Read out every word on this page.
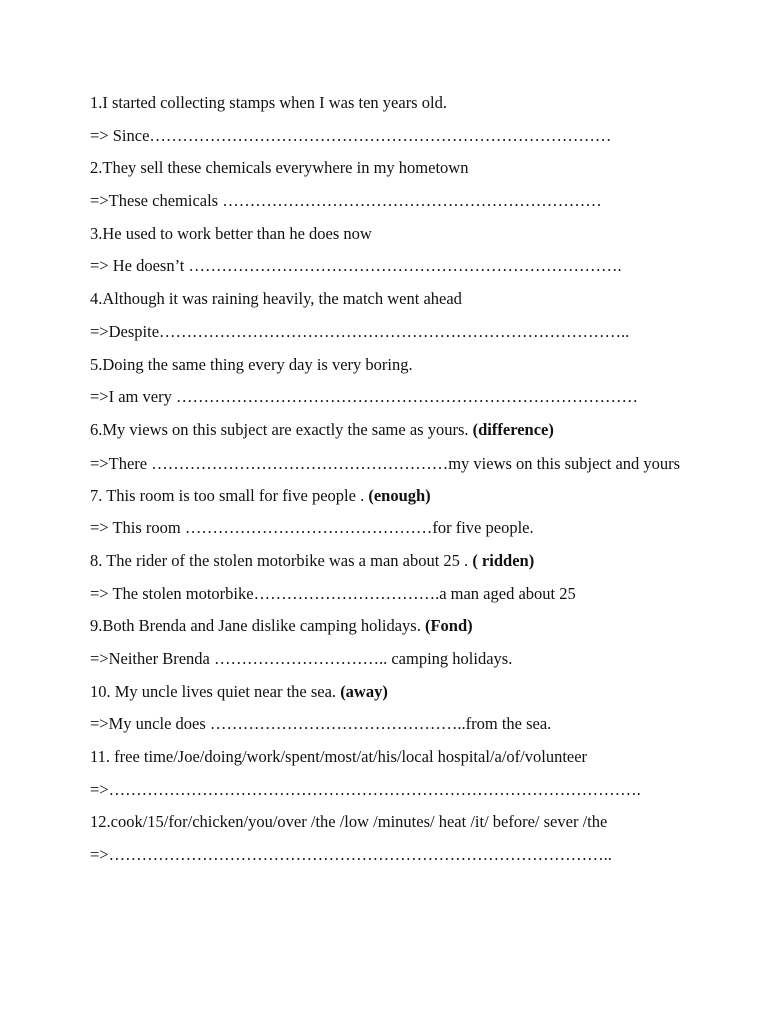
1.I started collecting stamps when I was ten years old.
=> Since…………………………………………………………………………
2.They sell these chemicals everywhere in my hometown
=>These chemicals ……………………………………………………………
3.He used to work better than he does now
=> He doesn’t …………………………………………………………………….
4.Although it was raining heavily, the match went ahead
=>Despite…………………………………………………………………………..
5.Doing the same thing every day is very boring.
=>I am very …………………………………………………………………………
6.My views on this subject are exactly the same as yours. (difference)
=>There ………………………………………………my views on this subject and yours
7. This room is too small for five people . (enough)
=> This room ………………………………………for five people.
8. The rider of the stolen motorbike was a man about 25 . ( ridden)
=> The stolen motorbike…………………………….a man aged about 25
9.Both Brenda and Jane dislike camping holidays. (Fond)
=>Neither Brenda ………………………….. camping holidays.
10. My uncle lives quiet near the sea. (away)
=>My uncle does ………………………………………..from the sea.
11. free time/Joe/doing/work/spent/most/at/his/local hospital/a/of/volunteer
=>…………………………………………………………………………………….
12.cook/15/for/chicken/you/over /the /low /minutes/ heat /it/ before/ sever /the
=>………………………………………………………………………………..
